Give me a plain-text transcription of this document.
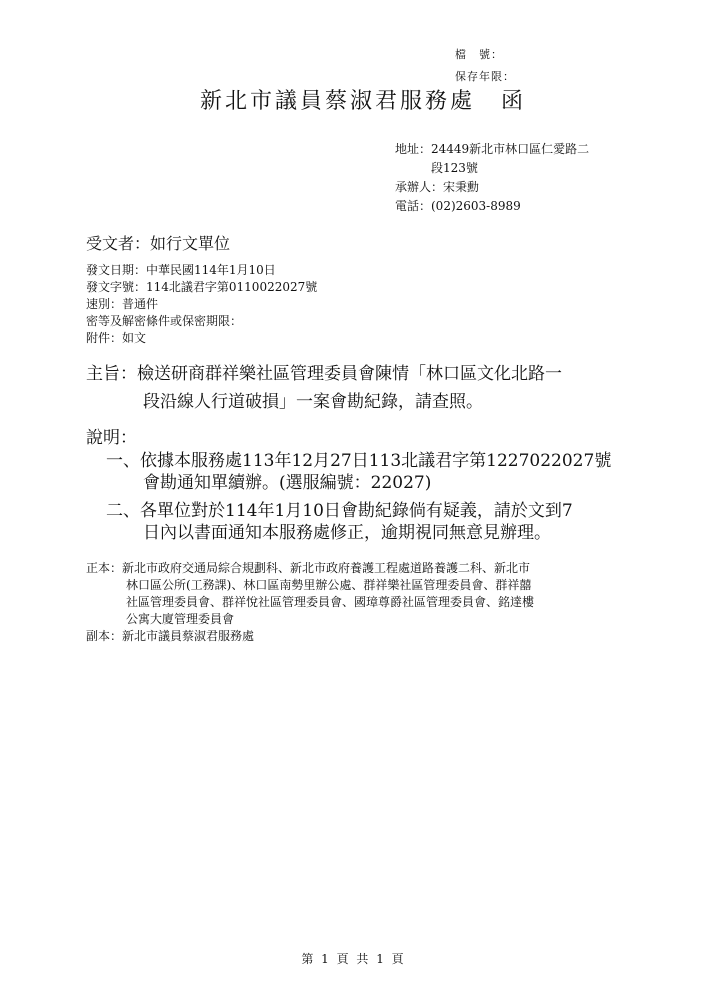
檔　號：
保存年限：
新北市議員蔡淑君服務處 函
地址：24449新北市林口區仁愛路二
段123號
承辦人：宋秉勳
電話：(02)2603-8989
受文者：如行文單位
發文日期：中華民國114年1月10日
發文字號：114北議君字第0110022027號
速別：普通件
密等及解密條件或保密期限：
附件：如文
主旨：檢送研商群祥樂社區管理委員會陳情「林口區文化北路一
段沿線人行道破損」一案會勘紀錄，請查照。
說明：
一、依據本服務處113年12月27日113北議君字第1227022027號
會勘通知單續辦。(選服編號：22027)
二、各單位對於114年1月10日會勘紀錄倘有疑義，請於文到7
日內以書面通知本服務處修正，逾期視同無意見辦理。
正本：新北市政府交通局綜合規劃科、新北市政府養護工程處道路養護二科、新北市
林口區公所(工務課)、林口區南勢里辦公處、群祥樂社區管理委員會、群祥囍
社區管理委員會、群祥悅社區管理委員會、國璋尊爵社區管理委員會、銘達樓
公寓大廈管理委員會
副本：新北市議員蔡淑君服務處
第 1 頁 共 1 頁
